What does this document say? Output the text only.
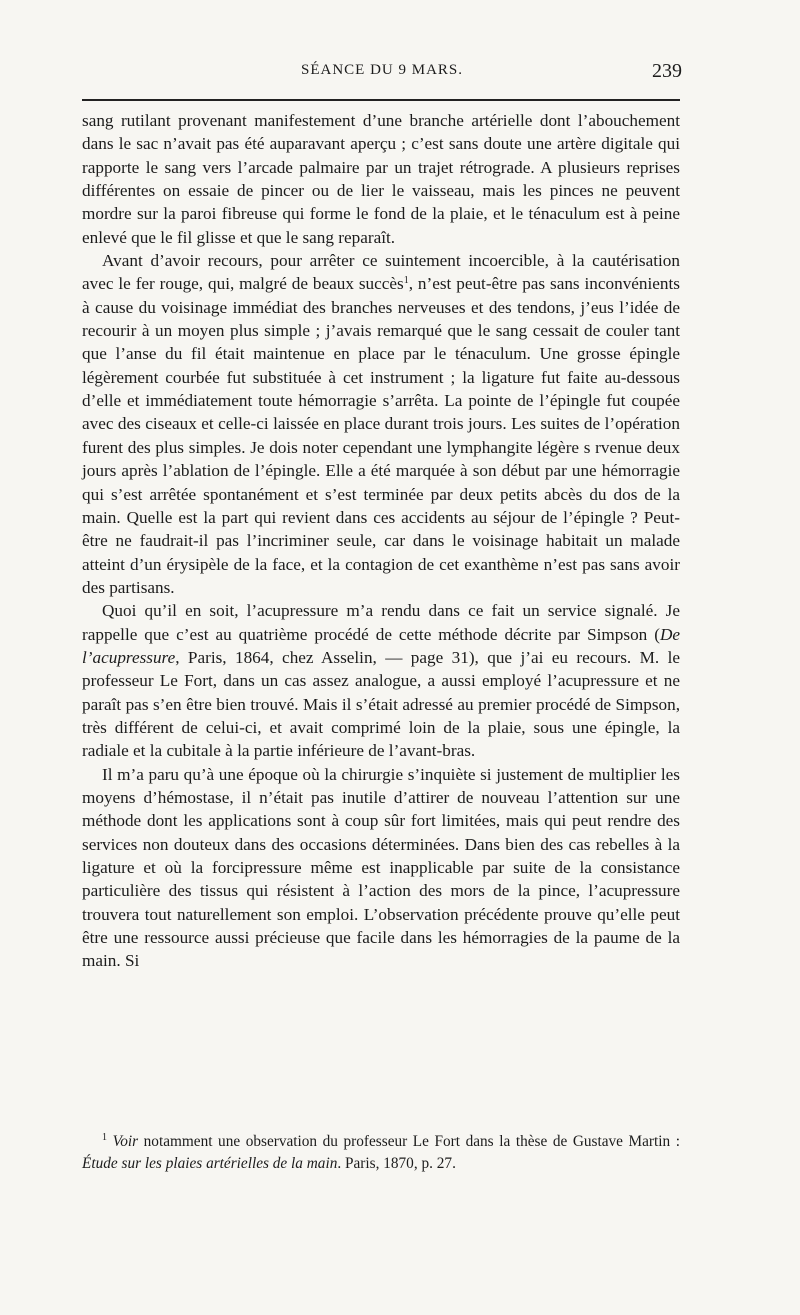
SÉANCE DU 9 MARS.	239

sang rutilant provenant manifestement d’une branche artérielle dont l’abouchement dans le sac n’avait pas été auparavant aperçu ; c’est sans doute une artère digitale qui rapporte le sang vers l’arcade palmaire par un trajet rétrograde. A plusieurs reprises différentes on essaie de pincer ou de lier le vaisseau, mais les pinces ne peuvent mordre sur la paroi fibreuse qui forme le fond de la plaie, et le ténaculum est à peine enlevé que le fil glisse et que le sang reparaît.

Avant d’avoir recours, pour arrêter ce suintement incoercible, à la cautérisation avec le fer rouge, qui, malgré de beaux succès$^1$, n’est peut-être pas sans inconvénients à cause du voisinage immédiat des branches nerveuses et des tendons, j’eus l’idée de recourir à un moyen plus simple ; j’avais remarqué que le sang cessait de couler tant que l’anse du fil était maintenue en place par le ténaculum. Une grosse épingle légèrement courbée fut substituée à cet instrument ; la ligature fut faite au-dessous d’elle et immédiatement toute hémorragie s’arrêta. La pointe de l’épingle fut coupée avec des ciseaux et celle-ci laissée en place durant trois jours. Les suites de l’opération furent des plus simples. Je dois noter cependant une lymphangite légère s rvenue deux jours après l’ablation de l’épingle. Elle a été marquée à son début par une hémorragie qui s’est arrêtée spontanément et s’est terminée par deux petits abcès du dos de la main. Quelle est la part qui revient dans ces accidents au séjour de l’épingle ? Peut-être ne faudrait-il pas l’incriminer seule, car dans le voisinage habitait un malade atteint d’un érysipèle de la face, et la contagion de cet exanthème n’est pas sans avoir des partisans.

Quoi qu’il en soit, l’acupressure m’a rendu dans ce fait un service signalé. Je rappelle que c’est au quatrième procédé de cette méthode décrite par Simpson (De l’acupressure, Paris, 1864, chez Asselin, — page 31), que j’ai eu recours. M. le professeur Le Fort, dans un cas assez analogue, a aussi employé l’acupressure et ne paraît pas s’en être bien trouvé. Mais il s’était adressé au premier procédé de Simpson, très différent de celui-ci, et avait comprimé loin de la plaie, sous une épingle, la radiale et la cubitale à la partie inférieure de l’avant-bras.

Il m’a paru qu’à une époque où la chirurgie s’inquiète si justement de multiplier les moyens d’hémostase, il n’était pas inutile d’attirer de nouveau l’attention sur une méthode dont les applications sont à coup sûr fort limitées, mais qui peut rendre des services non douteux dans des occasions déterminées. Dans bien des cas rebelles à la ligature et où la forcipressure même est inapplicable par suite de la consistance particulière des tissus qui résistent à l’action des mors de la pince, l’acupressure trouvera tout naturellement son emploi. L’observation précédente prouve qu’elle peut être une ressource aussi précieuse que facile dans les hémorragies de la paume de la main. Si

$^1$ Voir notamment une observation du professeur Le Fort dans la thèse de Gustave Martin : Étude sur les plaies artérielles de la main. Paris, 1870, p. 27.
